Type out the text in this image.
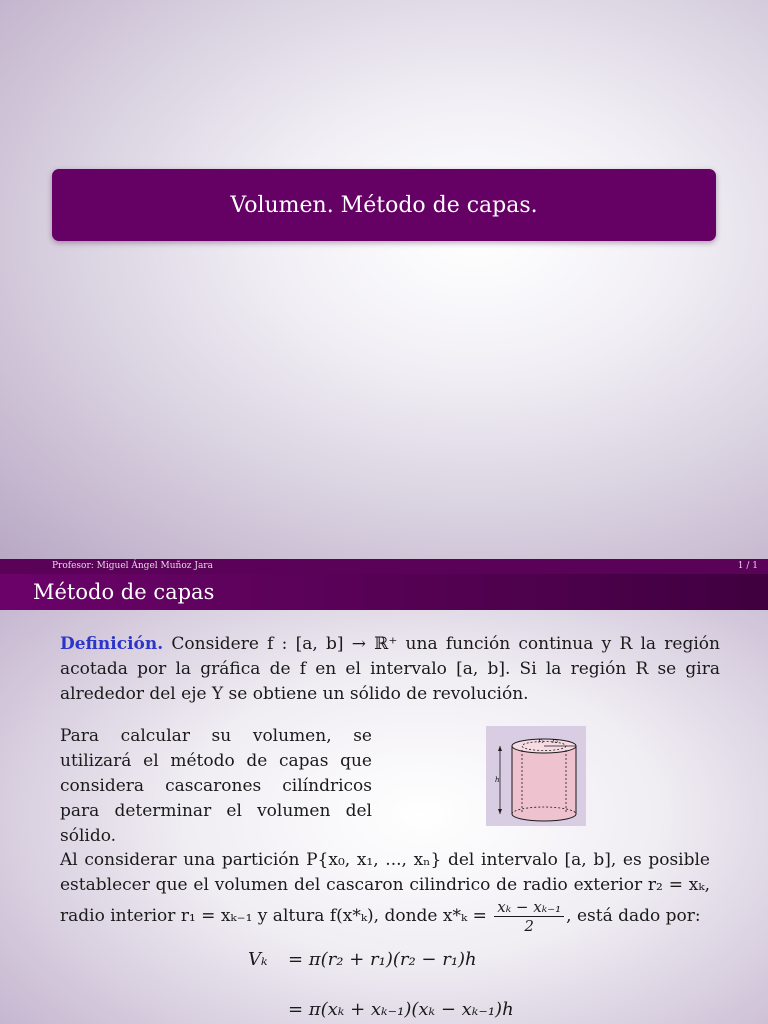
Volumen. Método de capas.
Profesor: Miguel Ángel Muñoz Jara	1 / 1
Método de capas
Definición. Considere f : [a, b] → ℝ⁺ una función continua y R la región acotada por la gráfica de f en el intervalo [a, b]. Si la región R se gira alrededor del eje Y se obtiene un sólido de revolución.
Para calcular su volumen, se utilizará el método de capas que considera cascarones cilíndricos para determinar el volumen del sólido.
r₁ r₂
h
Al considerar una partición P{x₀, x₁, ..., xₙ} del intervalo [a, b], es posible establecer que el volumen del cascaron cilindrico de radio exterior r₂ = xₖ, radio interior r₁ = xₖ₋₁ y altura f(x*ₖ), donde $x*_k = \frac{\text{xₖ − xₖ₋₁}}{2}$ , está dado por:
Vₖ = π(r₂ + r₁)(r₂ − r₁)h
= π(xₖ + xₖ₋₁)(xₖ − xₖ₋₁)h
